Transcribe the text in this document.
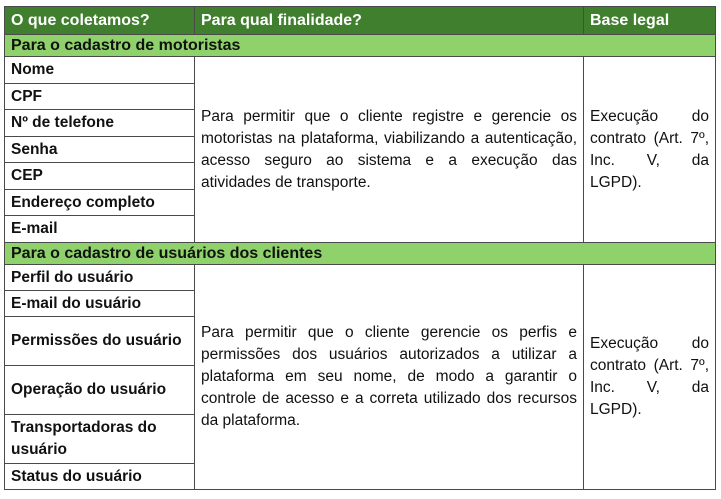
O que coletamos?	Para qual finalidade?	Base legal
Para o cadastro de motoristas		
Nome	Para permitir que o cliente registre e gerencie os motoristas na plataforma, viabilizando a autenticação, acesso seguro ao sistema e a execução das atividades de transporte.	Execução do contrato (Art. 7º, Inc. V, da LGPD).
CPF		
Nº de telefone		
Senha		
CEP		
Endereço completo		
E-mail		
Para o cadastro de usuários dos clientes		
Perfil do usuário	Para permitir que o cliente gerencie os perfis e permissões dos usuários autorizados a utilizar a plataforma em seu nome, de modo a garantir o controle de acesso e a correta utilizado dos recursos da plataforma.	Execução do contrato (Art. 7º, Inc. V, da LGPD).
E-mail do usuário		
Permissões do usuário		
Operação do usuário		
Transportadoras do usuário		
Status do usuário		
